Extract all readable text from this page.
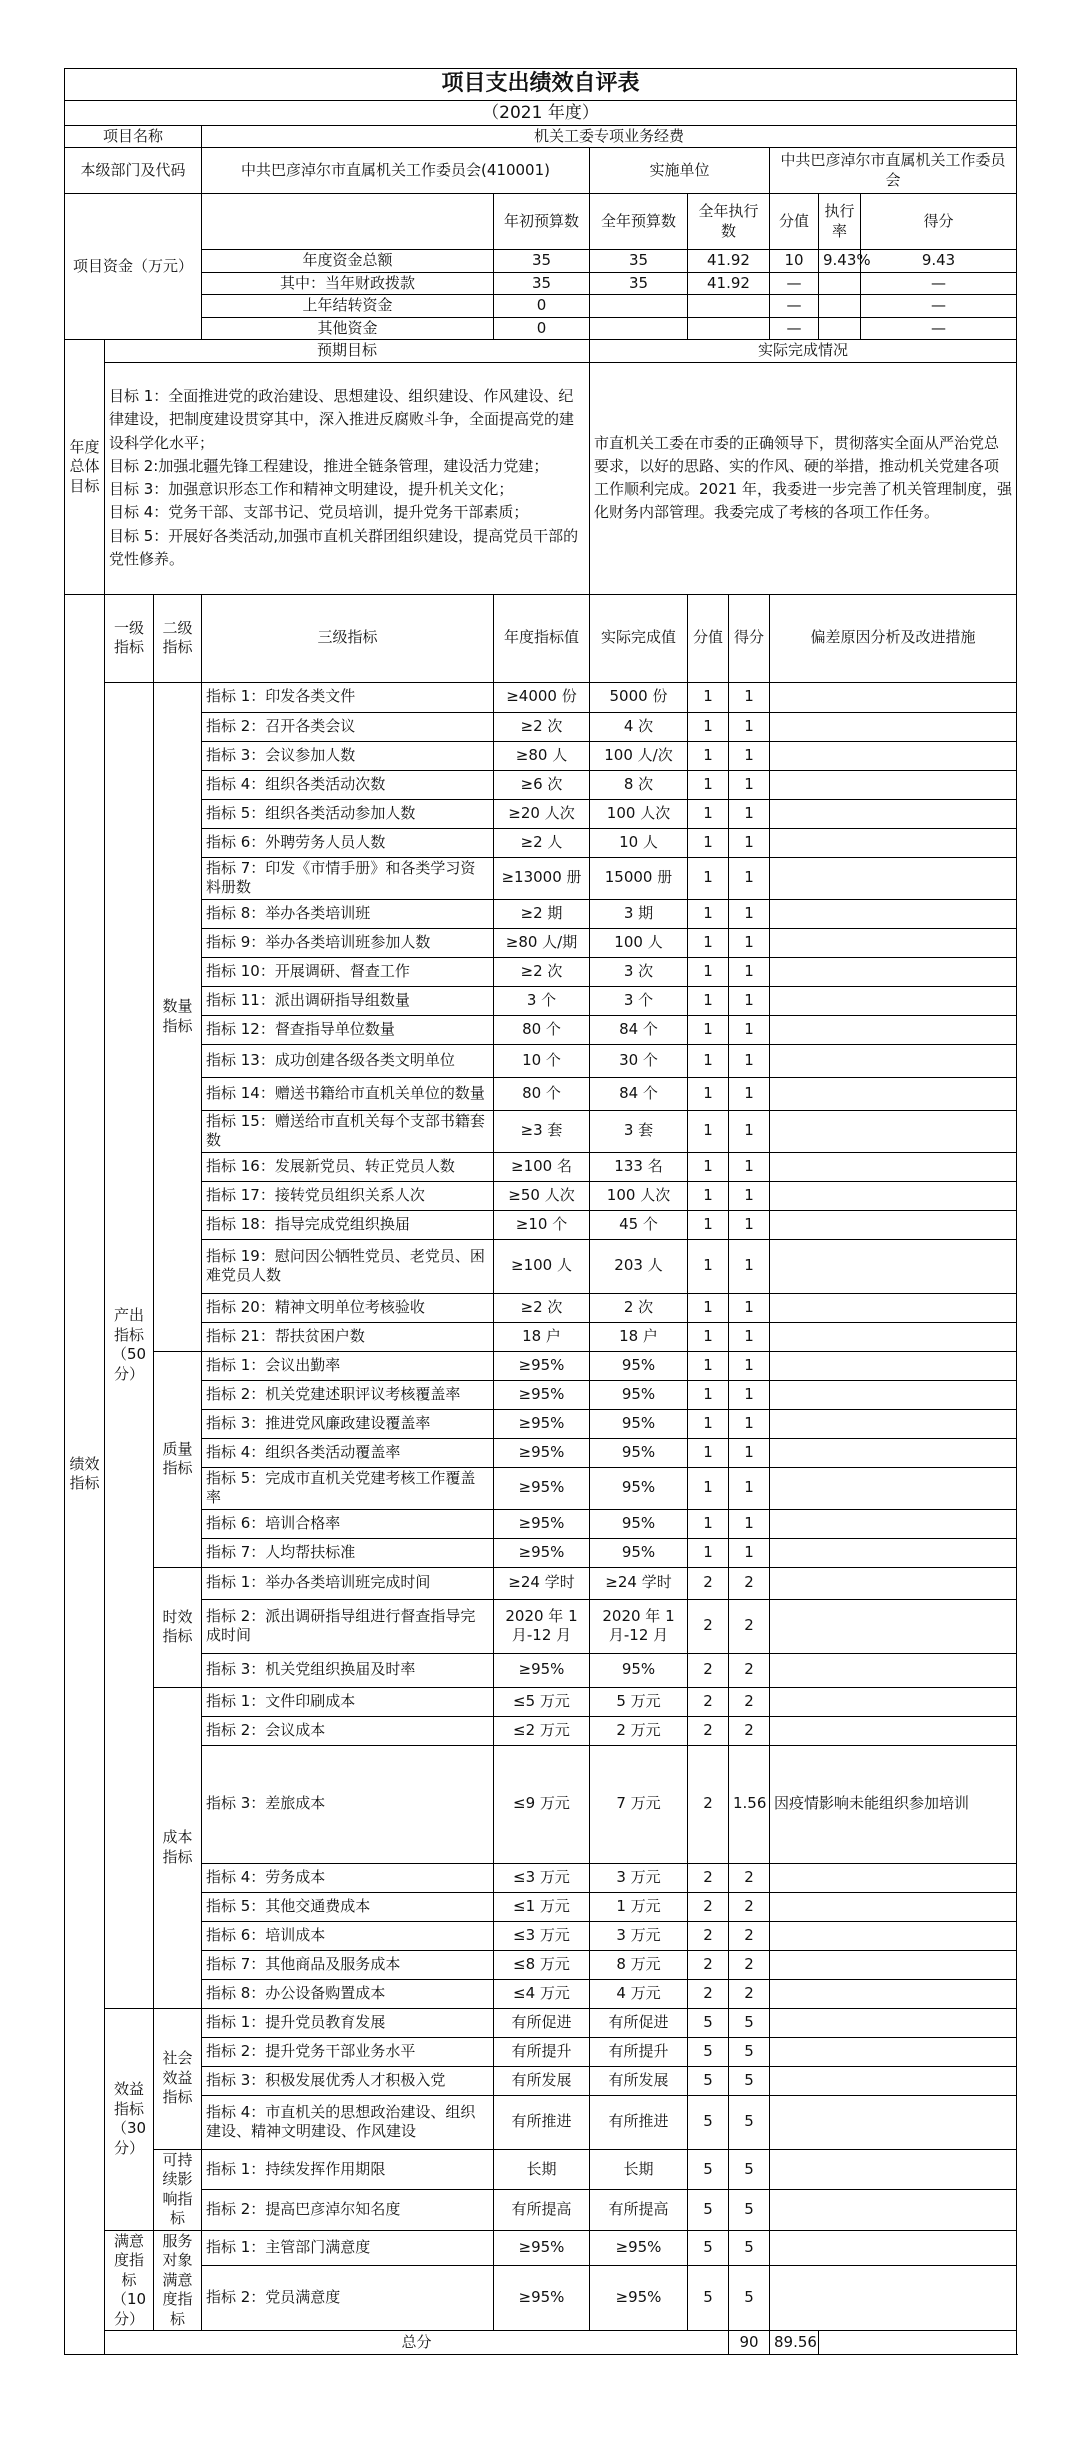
项目支出绩效自评表										
（2021 年度）										
项目名称			机关工委专项业务经费							
本级部门及代码			中共巴彦淖尔市直属机关工作委员会(410001)		实施单位			中共巴彦淖尔市直属机关工作委员会		
项目资金（万元）				年初预算数	全年预算数	全年执行数		分值	执行率	得分
			年度资金总额	35	35	41.92		10	9.43%	9.43
			其中：当年财政拨款	35	35	41.92		—		—
			上年结转资金	0				—		—
			其他资金	0				—		—
年度总体目标	预期目标				实际完成情况					

	目标 1：全面推进党的政治建设、思想建设、组织建设、作风建设、纪律建设，把制度建设贯穿其中，深入推进反腐败斗争，全面提高党的建设科学化水平；
目标 2:加强北疆先锋工程建设，推进全链条管理，建设活力党建；
目标 3：加强意识形态工作和精神文明建设，提升机关文化；
目标 4：党务干部、支部书记、党员培训，提升党务干部素质；
目标 5：开展好各类活动,加强市直机关群团组织建设，提高党员干部的党性修养。				市直机关工委在市委的正确领导下，贯彻落实全面从严治党总要求，以好的思路、实的作风、硬的举措，推动机关党建各项工作顺利完成。2021 年，我委进一步完善了机关管理制度，强化财务内部管理。我委完成了考核的各项工作任务。					

绩效指标	一级指标	二级指标	三级指标	年度指标值	实际完成值	分值	得分	偏差原因分析及改进措施		
	产出指标（50 分）	数量指标	指标 1：印发各类文件	≥4000 份	5000 份	1	1			
			指标 2：召开各类会议	≥2 次	4 次	1	1			
			指标 3：会议参加人数	≥80 人	100 人/次	1	1			
			指标 4：组织各类活动次数	≥6 次	8 次	1	1			
			指标 5：组织各类活动参加人数	≥20 人次	100 人次	1	1			
			指标 6：外聘劳务人员人数	≥2 人	10 人	1	1			
			指标 7：印发《市情手册》和各类学习资料册数	≥13000 册	15000 册	1	1			
			指标 8：举办各类培训班	≥2 期	3 期	1	1			
			指标 9：举办各类培训班参加人数	≥80 人/期	100 人	1	1			
			指标 10：开展调研、督查工作	≥2 次	3 次	1	1			
			指标 11：派出调研指导组数量	3 个	3 个	1	1			
			指标 12：督查指导单位数量	80 个	84 个	1	1			
			指标 13：成功创建各级各类文明单位	10 个	30 个	1	1			
			指标 14：赠送书籍给市直机关单位的数量	80 个	84 个	1	1			
			指标 15：赠送给市直机关每个支部书籍套数	≥3 套	3 套	1	1			
			指标 16：发展新党员、转正党员人数	≥100 名	133 名	1	1			
			指标 17：接转党员组织关系人次	≥50 人次	100 人次	1	1			
			指标 18：指导完成党组织换届	≥10 个	45 个	1	1			
			指标 19：慰问因公牺牲党员、老党员、困难党员人数	≥100 人	203 人	1	1			
			指标 20：精神文明单位考核验收	≥2 次	2 次	1	1			
			指标 21：帮扶贫困户数	18 户	18 户	1	1			
		质量指标	指标 1：会议出勤率	≥95%	95%	1	1			
			指标 2：机关党建述职评议考核覆盖率	≥95%	95%	1	1			
			指标 3：推进党风廉政建设覆盖率	≥95%	95%	1	1			
			指标 4：组织各类活动覆盖率	≥95%	95%	1	1			
			指标 5：完成市直机关党建考核工作覆盖率	≥95%	95%	1	1			
			指标 6：培训合格率	≥95%	95%	1	1			
			指标 7：人均帮扶标准	≥95%	95%	1	1			
		时效指标	指标 1：举办各类培训班完成时间	≥24 学时	≥24 学时	2	2			
			指标 2：派出调研指导组进行督查指导完成时间	2020 年 1 月-12 月	2020 年 1 月-12 月	2	2			
			指标 3：机关党组织换届及时率	≥95%	95%	2	2			
		成本指标	指标 1：文件印刷成本	≤5 万元	5 万元	2	2			
			指标 2：会议成本	≤2 万元	2 万元	2	2			
			指标 3：差旅成本	≤9 万元	7 万元	2	1.56	因疫情影响未能组织参加培训		
			指标 4：劳务成本	≤3 万元	3 万元	2	2			
			指标 5：其他交通费成本	≤1 万元	1 万元	2	2			
			指标 6：培训成本	≤3 万元	3 万元	2	2			
			指标 7：其他商品及服务成本	≤8 万元	8 万元	2	2			
			指标 8：办公设备购置成本	≤4 万元	4 万元	2	2			
	效益指标（30 分）	社会效益指标	指标 1：提升党员教育发展	有所促进	有所促进	5	5			
			指标 2：提升党务干部业务水平	有所提升	有所提升	5	5			
			指标 3：积极发展优秀人才积极入党	有所发展	有所发展	5	5			
			指标 4：市直机关的思想政治建设、组织建设、精神文明建设、作风建设	有所推进	有所推进	5	5			
		可持续影响指标	指标 1：持续发挥作用期限	长期	长期	5	5			
			指标 2：提高巴彦淖尔知名度	有所提高	有所提高	5	5			
	满意度指标（10 分）	服务对象满意度指标	指标 1：主管部门满意度	≥95%	≥95%	5	5			
			指标 2：党员满意度	≥95%	≥95%	5	5			
	总分						90	89.56		
